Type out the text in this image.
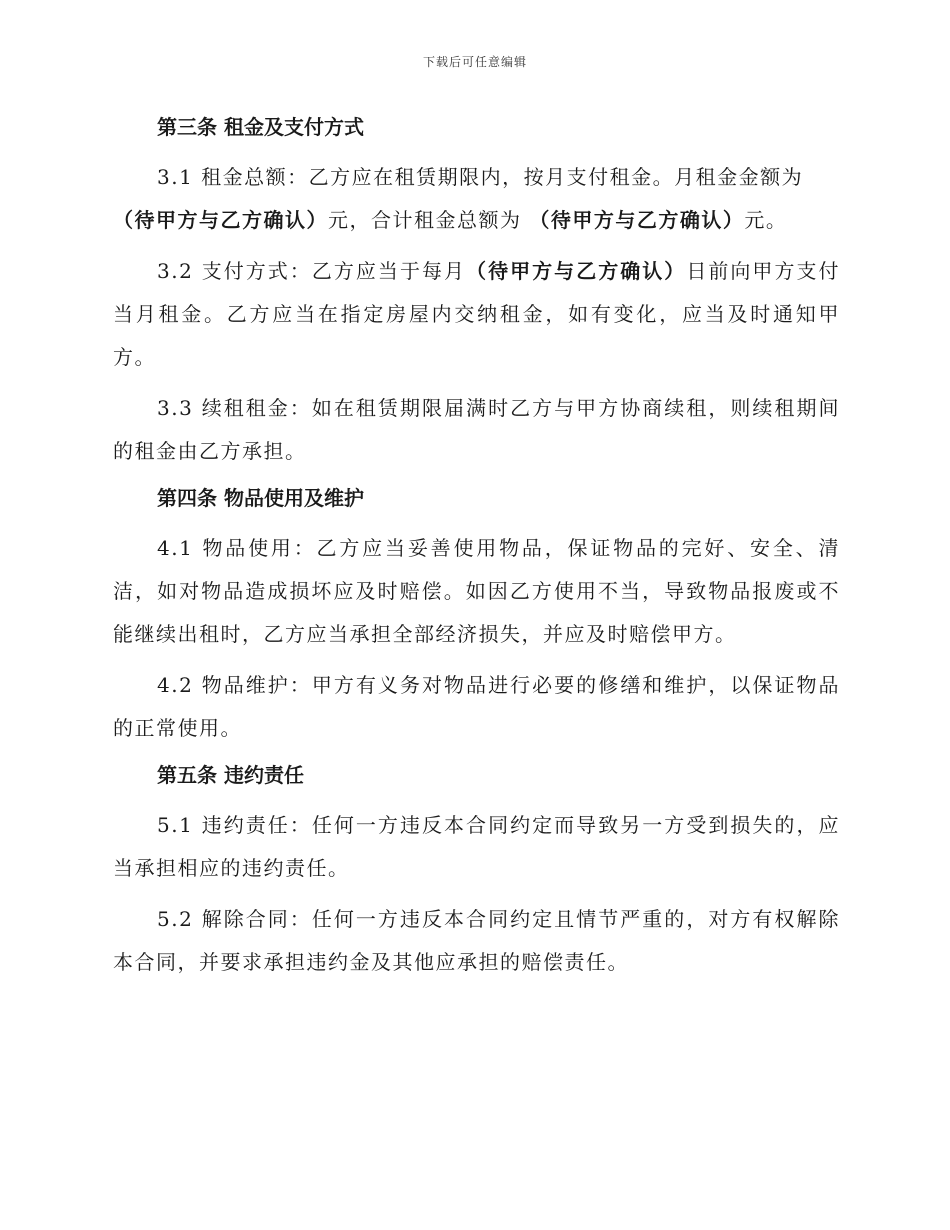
下载后可任意编辑
第三条 租金及支付方式

3.1 租金总额：乙方应在租赁期限内，按月支付租金。月租金金额为
（待甲方与乙方确认）元，合计租金总额为 （待甲方与乙方确认）元。

3.2 支付方式：乙方应当于每月（待甲方与乙方确认）日前向甲方支付当月租金。乙方应当在指定房屋内交纳租金，如有变化，应当及时通知甲方。

3.3 续租租金：如在租赁期限届满时乙方与甲方协商续租，则续租期间的租金由乙方承担。

第四条 物品使用及维护

4.1 物品使用：乙方应当妥善使用物品，保证物品的完好、安全、清洁，如对物品造成损坏应及时赔偿。如因乙方使用不当，导致物品报废或不能继续出租时，乙方应当承担全部经济损失，并应及时赔偿甲方。

4.2 物品维护：甲方有义务对物品进行必要的修缮和维护，以保证物品的正常使用。

第五条 违约责任

5.1 违约责任：任何一方违反本合同约定而导致另一方受到损失的，应当承担相应的违约责任。

5.2 解除合同：任何一方违反本合同约定且情节严重的，对方有权解除本合同，并要求承担违约金及其他应承担的赔偿责任。
